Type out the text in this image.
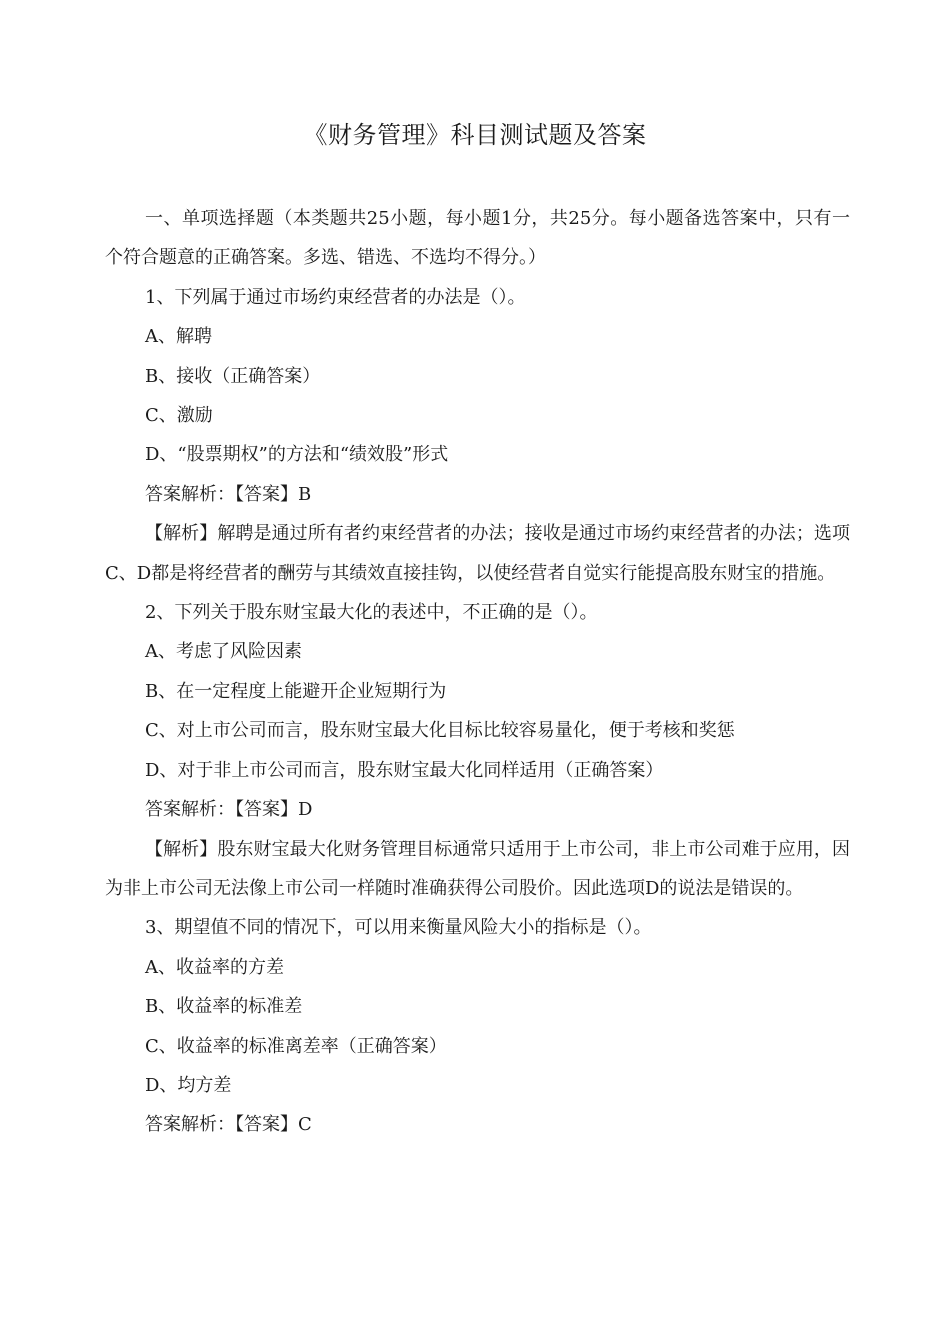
《财务管理》科目测试题及答案

一、单项选择题（本类题共25小题，每小题1分，共25分。每小题备选答案中，只有一个符合题意的正确答案。多选、错选、不选均不得分。）

1、下列属于通过市场约束经营者的办法是（）。

A、解聘

B、接收（正确答案）

C、激励

D、“股票期权”的方法和“绩效股”形式

答案解析：【答案】B

【解析】解聘是通过所有者约束经营者的办法；接收是通过市场约束经营者的办法；选项C、D都是将经营者的酬劳与其绩效直接挂钩，以使经营者自觉实行能提高股东财宝的措施。

2、下列关于股东财宝最大化的表述中，不正确的是（）。

A、考虑了风险因素

B、在一定程度上能避开企业短期行为

C、对上市公司而言，股东财宝最大化目标比较容易量化，便于考核和奖惩

D、对于非上市公司而言，股东财宝最大化同样适用（正确答案）

答案解析：【答案】D

【解析】股东财宝最大化财务管理目标通常只适用于上市公司，非上市公司难于应用，因为非上市公司无法像上市公司一样随时准确获得公司股价。因此选项D的说法是错误的。

3、期望值不同的情况下，可以用来衡量风险大小的指标是（）。

A、收益率的方差

B、收益率的标准差

C、收益率的标准离差率（正确答案）

D、均方差

答案解析：【答案】C
